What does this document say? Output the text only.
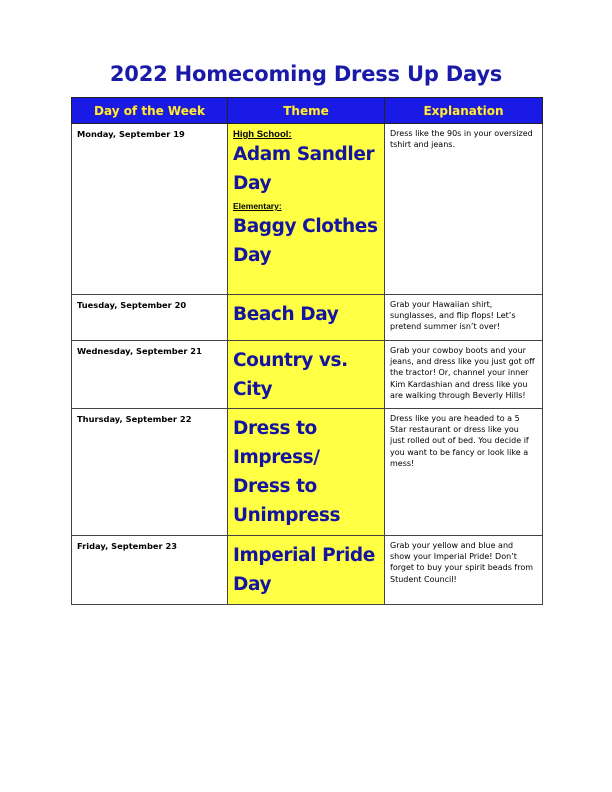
2022 Homecoming Dress Up Days
Day of the Week	Theme	Explanation
Monday, September 19	High School:
Adam Sandler Day
Elementary:
Baggy Clothes Day	Dress like the 90s in your oversized tshirt and jeans.
Tuesday, September 20	Beach Day	Grab your Hawaiian shirt, sunglasses, and flip flops! Let’s pretend summer isn’t over!
Wednesday, September 21	Country vs. City	Grab your cowboy boots and your jeans, and dress like you just got off the tractor! Or, channel your inner Kim Kardashian and dress like you are walking through Beverly Hills!
Thursday, September 22	Dress to Impress/ Dress to Unimpress	Dress like you are headed to a 5 Star restaurant or dress like you just rolled out of bed. You decide if you want to be fancy or look like a mess!
Friday, September 23	Imperial Pride Day	Grab your yellow and blue and show your Imperial Pride! Don’t forget to buy your spirit beads from Student Council!
